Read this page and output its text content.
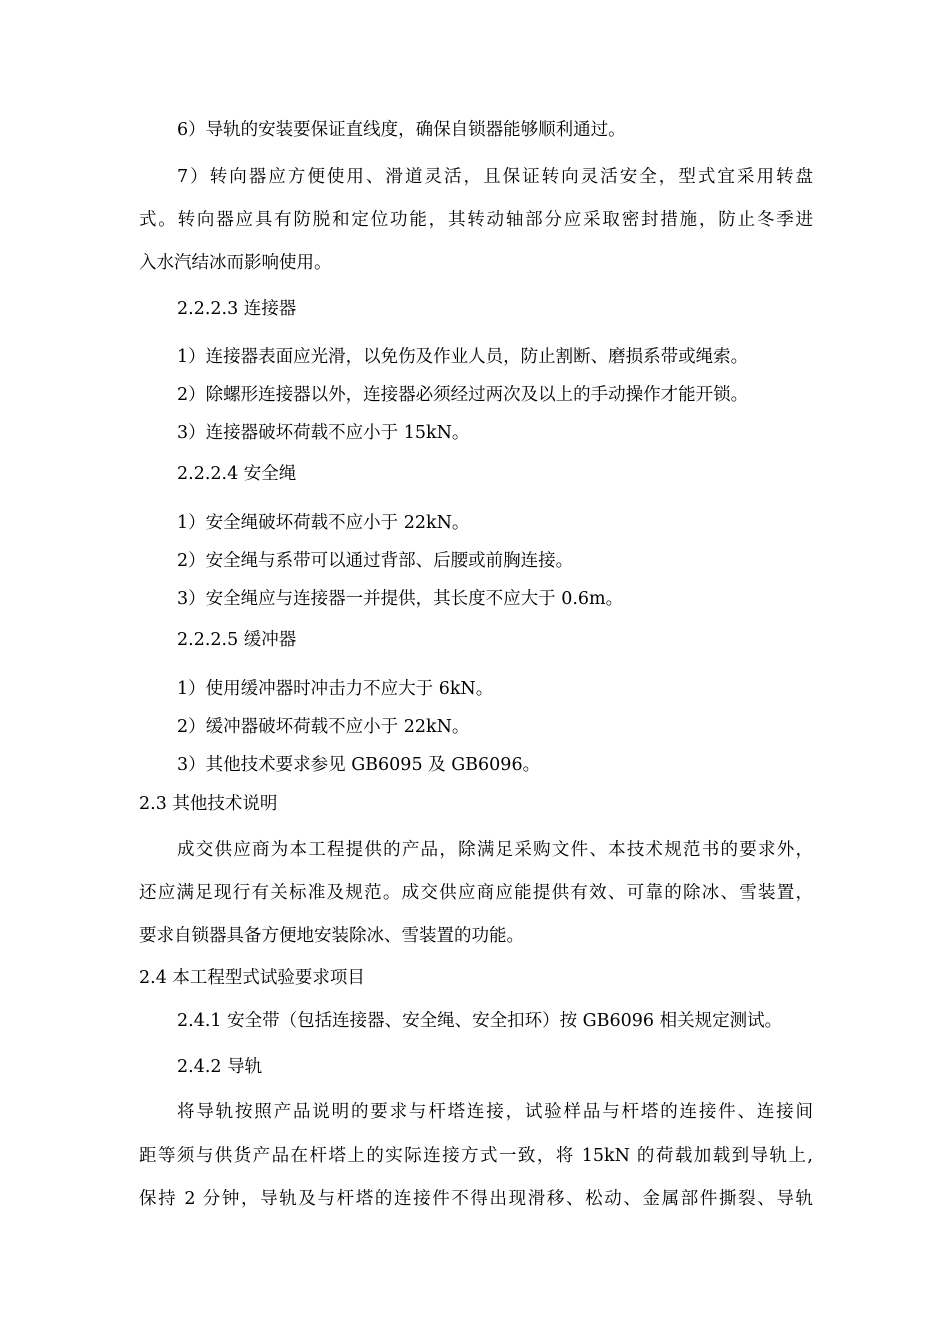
6）导轨的安装要保证直线度，确保自锁器能够顺利通过。

7）转向器应方便使用、滑道灵活，且保证转向灵活安全，型式宜采用转盘

式。转向器应具有防脱和定位功能，其转动轴部分应采取密封措施，防止冬季进

入水汽结冰而影响使用。

2.2.2.3 连接器

1）连接器表面应光滑，以免伤及作业人员，防止割断、磨损系带或绳索。

2）除螺形连接器以外，连接器必须经过两次及以上的手动操作才能开锁。

3）连接器破坏荷载不应小于 15kN。

2.2.2.4 安全绳

1）安全绳破坏荷载不应小于 22kN。

2）安全绳与系带可以通过背部、后腰或前胸连接。

3）安全绳应与连接器一并提供，其长度不应大于 0.6m。

2.2.2.5 缓冲器

1）使用缓冲器时冲击力不应大于 6kN。

2）缓冲器破坏荷载不应小于 22kN。

3）其他技术要求参见 GB6095 及 GB6096。

2.3 其他技术说明

成交供应商为本工程提供的产品，除满足采购文件、本技术规范书的要求外，

还应满足现行有关标准及规范。成交供应商应能提供有效、可靠的除冰、雪装置，

要求自锁器具备方便地安装除冰、雪装置的功能。

2.4 本工程型式试验要求项目

2.4.1 安全带（包括连接器、安全绳、安全扣环）按 GB6096 相关规定测试。

2.4.2 导轨

将导轨按照产品说明的要求与杆塔连接，试验样品与杆塔的连接件、连接间

距等须与供货产品在杆塔上的实际连接方式一致，将 15kN 的荷载加载到导轨上,

保持 2 分钟，导轨及与杆塔的连接件不得出现滑移、松动、金属部件撕裂、导轨
